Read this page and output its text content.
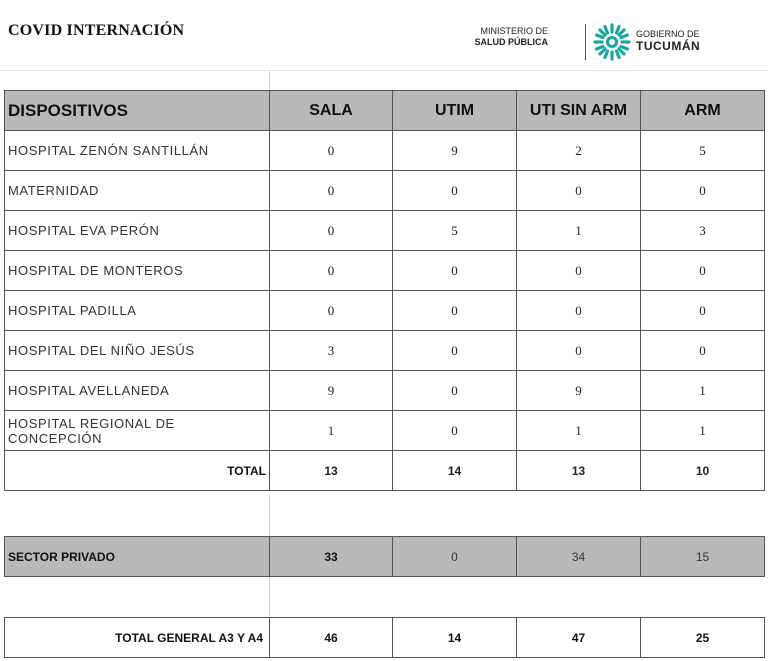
COVID INTERNACIÓN	MINISTERIO DE
SALUD PÚBLICA
GOBIERNO DE
TUCUMÁN
DISPOSITIVOS	SALA	UTIM	UTI SIN ARM	ARM
HOSPITAL ZENÓN SANTILLÁN	0	9	2	5
MATERNIDAD	0	0	0	0
HOSPITAL EVA PERÓN	0	5	1	3
HOSPITAL DE MONTEROS	0	0	0	0
HOSPITAL PADILLA	0	0	0	0
HOSPITAL DEL NIÑO JESÚS	3	0	0	0
HOSPITAL AVELLANEDA	9	0	9	1
HOSPITAL REGIONAL DE CONCEPCIÓN	1	0	1	1
TOTAL	13	14	13	10
SECTOR PRIVADO	33	0	34	15
TOTAL GENERAL A3 Y A4	46	14	47	25
